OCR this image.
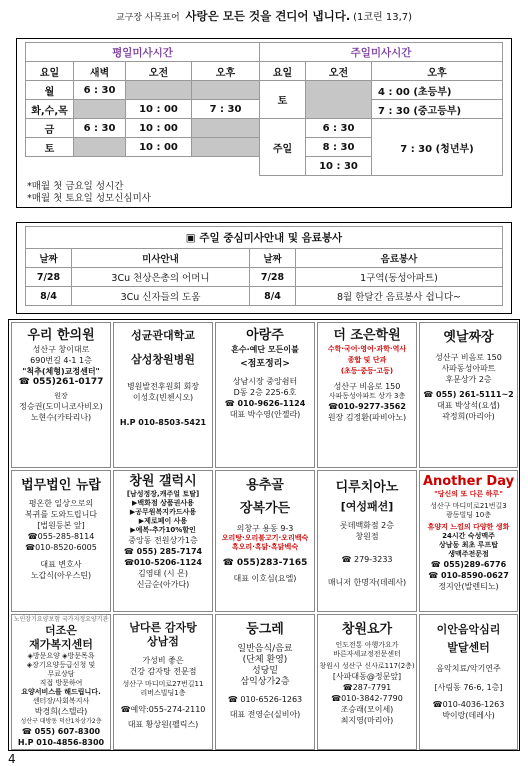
교구장 사목표어 사랑은 모든 것을 견디어 냅니다. (1코린 13,7)
평일미사시간				주일미사시간		
요일	새벽	오전	오후	요일	오전	오후
월	6 : 30			토		4 : 00 (초등부)
화,수,목		10 : 00	7 : 30			7 : 30 (중고등부)
금	6 : 30	10 : 00		주일	6 : 30	7 : 30 (청년부)
토		10 : 00			8 : 30	
					10 : 30	
*매월 첫 금요일 성시간
*매월 첫 토요일 성모신심미사
▣ 주일 중심미사안내 및 음료봉사			
날짜	미사안내	날짜	음료봉사
7/28	3Cu 천상은총의 어머니	7/28	1구역(동성아파트)
8/4	3Cu 신자들의 도움	8/4	8월 한달간 음료봉사 쉽니다~
우리 한의원
성산구 창이대로
690번길 4-1 1층
"척추(체형)교정센터"
☎ 055)261-0177
원장
정승권(도미니코사비오)
노현수(카타리나)
성균관대학교
삼성창원병원
병원발전후원회 회장
이성호(빈첸시오)
H.P 010-8503-5421
아랑주
혼수·예단 모든이불
<점포정리>
상남시장 중앙쉼터
D동 2층 225-6호
☎ 010-9626-1124
대표 박수영(안젤라)
더 조은학원
수학·국어·영어·과학·역사
종합 및 단과
(초등·중등·고등)
성산구 비음로 150
사파동성아파트 상가 3층
☎010-9277-3562
원장 김정환(파비아노)
옛날짜장
성산구 비음로 150
사파동성아파트
후문상가 2층
☎ 055) 261-5111~2
대표 박상석(요셉)
곽정희(마리아)
법무법인 뉴랍
평온한 일상으로의
복귀를 도와드립니다
[법원등본 앞]
☎055-285-8114
☎010-8520-6005
대표 변호사
노갑식(아우스틴)
창원 갤럭시
[남성정장,캐주얼 토탈]
▶백화점 상품권사용
▶공무원복지카드사용
▶제로페이 사용
▶예복-추가10%할인
중앙동 전원상가1층
☎ 055) 285-7174
☎010-5206-1124
김영태 (시 몬)
신금순(아가다)
용추골
장복가든
의창구 용동 9-3
오리탕·오리불고기·오리백숙
흑오리·흑닭·흑닭백숙
☎ 055)283-7165
대표 이호심(요엘)
디루치아노
[여성패션]
롯데백화점 2층
창원점
☎ 279-3233
매니저 한명자(데레사)
Another Day
"당신의 또 다른 하루"
성산구 마디미로21번길3
광동빌딩 10층
휴양지 느낌의 다양한 생화
24시간 숙성맥주
상남동 최초 루프탑
생맥주전문점
☎ 055)289-6776
☎ 010-8590-0627
정지안(발렌티노)
노인장기요양보험 국가지정요양기관
더조은
재가복지센터
◈방문요양 ◈방문목욕
◈장기요양등급신청 및
무료상담
직접 방문하여
요양서비스를 해드립니다.
센터장/사회복지사
박경희(스텔라)
성산구 대방동 덕산1차상가2층
☎ 055) 607-8300
H.P 010-4856-8300
남다른 감자탕
상남점
가성비 좋은
건강 감자탕 전문점
성산구 마디미로27번길11
리버스빌딩1층
☎예약:055-274-2110
대표 황상원(펠릭스)
둥그레
일반음식/음료
(단체 환영)
성당밑
삼익상가2층
☎ 010-6526-1263
대표 전영순(실비아)
창원요가
인도전통 아행가요가
바른자세교정전문센터
창원시 성산구 신사로117(2층)
[사파대동@정문앞]
☎287-7791
☎010-3842-7790
조승래(모이세)
최지영(마리아)
이안음악심리
발달센터
음악치료/악기연주
[사림동 76-6, 1층]
☎010-4036-1263
박이랑(데레사)
4
